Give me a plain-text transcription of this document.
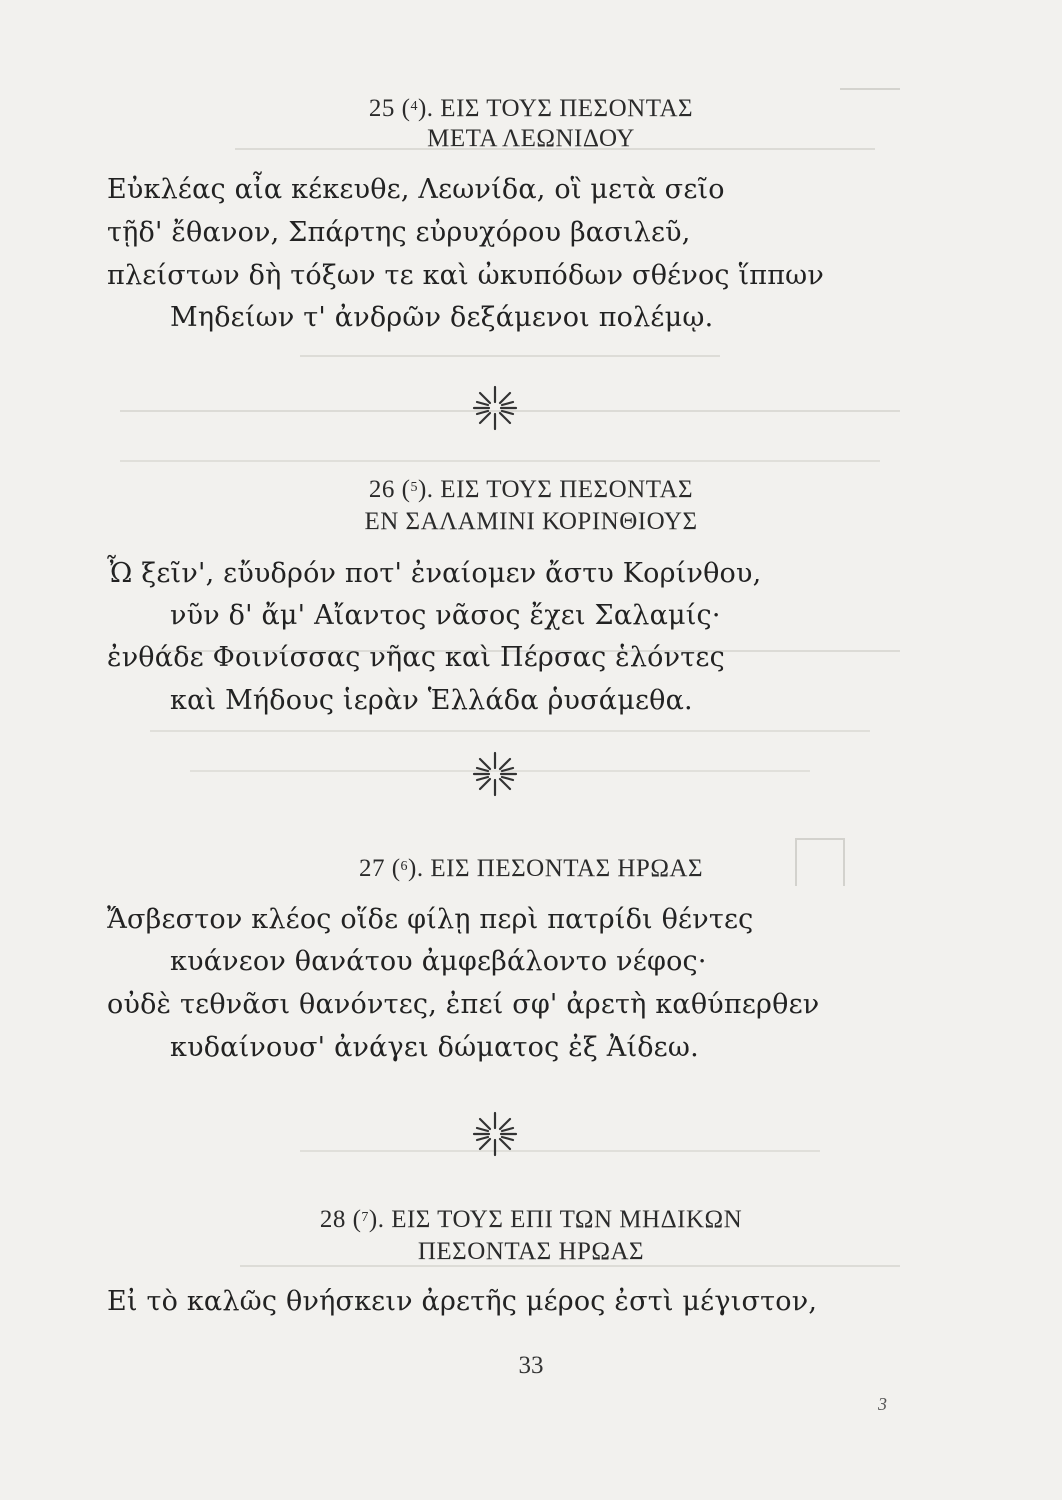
25 ($^4$). ΕΙΣ ΤΟΥΣ ΠΕΣΟΝΤΑΣ
ΜΕΤΑ ΛΕΩΝΙΔΟΥ
Εὐκλέας αἶα κέκευθε, Λεωνίδα, οἳ μετὰ σεῖο
τῇδ' ἔθανον, Σπάρτης εὐρυχόρου βασιλεῦ,
πλείστων δὴ τόξων τε καὶ ὠκυπόδων σθένος ἵππων
Μηδείων τ' ἀνδρῶν δεξάμενοι πολέμῳ.
26 ($^5$). ΕΙΣ ΤΟΥΣ ΠΕΣΟΝΤΑΣ
ΕΝ ΣΑΛΑΜΙΝΙ ΚΟΡΙΝΘΙΟΥΣ
Ὦ ξεῖν', εὔυδρόν ποτ' ἐναίομεν ἄστυ Κορίνθου,
νῦν δ' ἄμ' Αἴαντος νᾶσος ἔχει Σαλαμίς·
ἐνθάδε Φοινίσσας νῆας καὶ Πέρσας ἑλόντες
καὶ Μήδους ἱερὰν Ἑλλάδα ῥυσάμεθα.
27 ($^6$). ΕΙΣ ΠΕΣΟΝΤΑΣ ΗΡΩΑΣ
Ἄσβεστον κλέος οἵδε φίλῃ περὶ πατρίδι θέντες
κυάνεον θανάτου ἀμφεβάλοντο νέφος·
οὐδὲ τεθνᾶσι θανόντες, ἐπεί σφ' ἀρετὴ καθύπερθεν
κυδαίνουσ' ἀνάγει δώματος ἐξ Ἀίδεω.
28 ($^7$). ΕΙΣ ΤΟΥΣ ΕΠΙ ΤΩΝ ΜΗΔΙΚΩΝ
ΠΕΣΟΝΤΑΣ ΗΡΩΑΣ
Εἰ τὸ καλῶς θνήσκειν ἀρετῆς μέρος ἐστὶ μέγιστον,
33
3
